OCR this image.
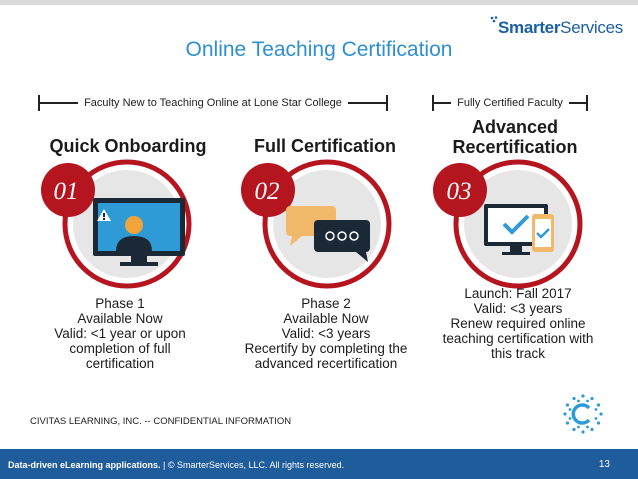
SmarterServices
Online Teaching Certification
Faculty New to Teaching Online at Lone Star College	Fully Certified Faculty
Quick Onboarding	Full Certification
Advanced
Recertification
01	02	03
Phase 1
Available Now
Valid: <1 year or upon
completion of full
certification
Phase 2
Available Now
Valid: <3 years
Recertify by completing the
advanced recertification
Launch: Fall 2017
Valid: <3 years
Renew required online
teaching certification with
this track
CIVITAS LEARNING, INC. -- CONFIDENTIAL INFORMATION
Data-driven eLearning applications. | © SmarterServices, LLC. All rights reserved.	13
